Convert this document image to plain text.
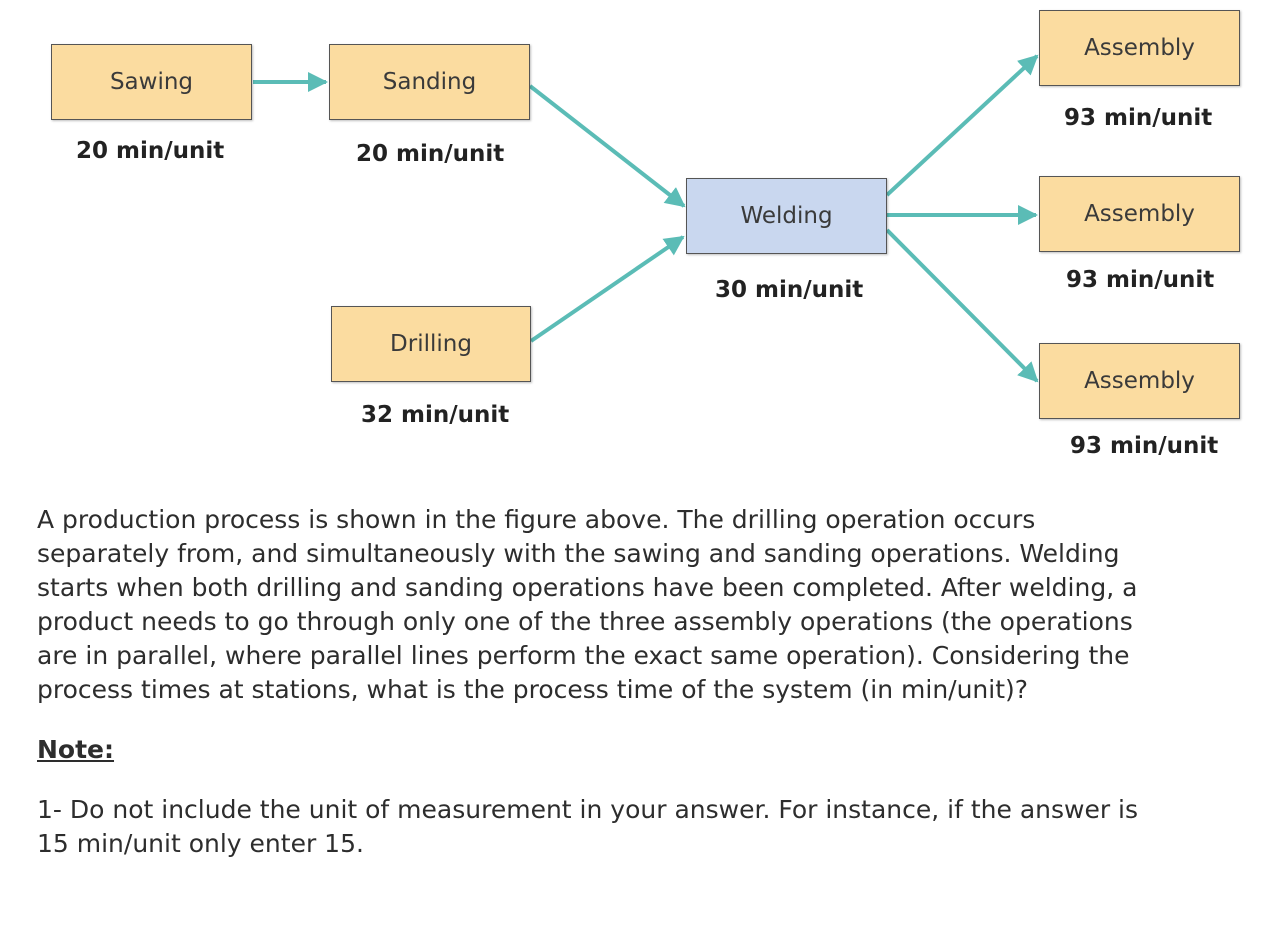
Sawing
20 min/unit
Sanding
20 min/unit
Drilling
32 min/unit
Welding
30 min/unit
Assembly
93 min/unit
Assembly
93 min/unit
Assembly
93 min/unit

A production process is shown in the figure above. The drilling operation occurs separately from, and simultaneously with the sawing and sanding operations. Welding starts when both drilling and sanding operations have been completed. After welding, a product needs to go through only one of the three assembly operations (the operations are in parallel, where parallel lines perform the exact same operation). Considering the process times at stations, what is the process time of the system (in min/unit)?

Note:

1- Do not include the unit of measurement in your answer. For instance, if the answer is 15 min/unit only enter 15.
